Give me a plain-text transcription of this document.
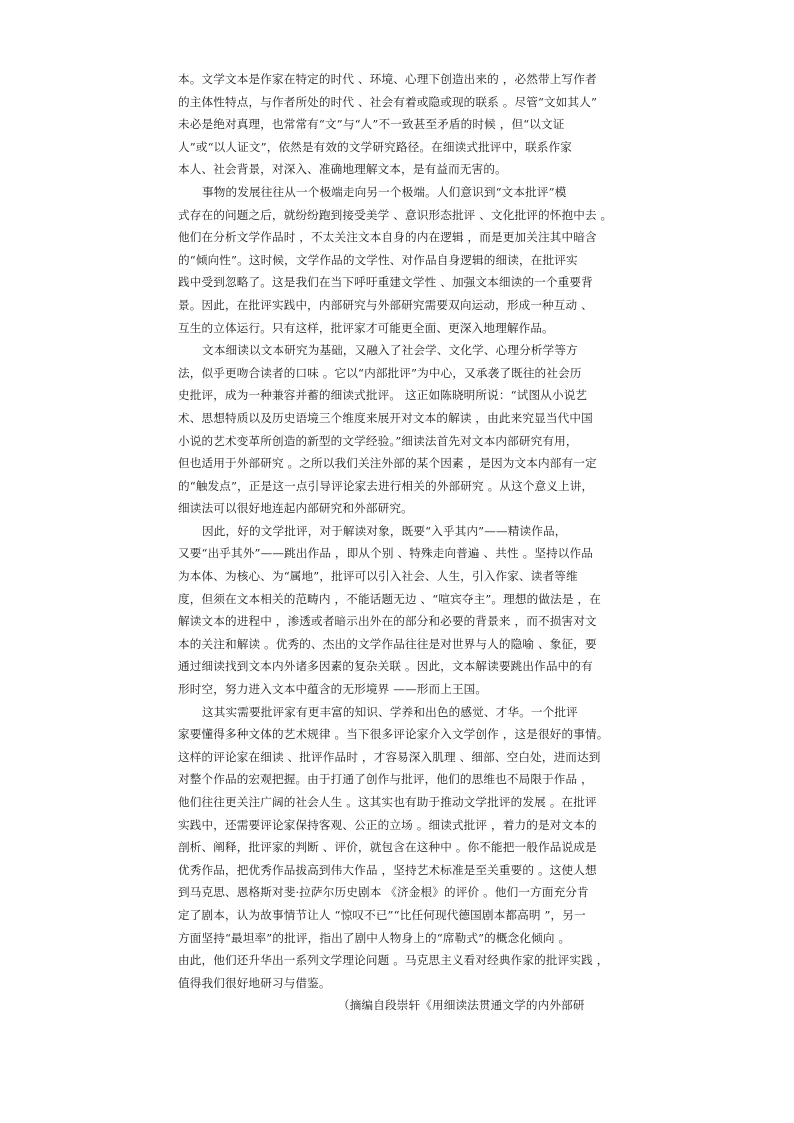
本。文学文本是作家在特定的时代 、环境、心理下创造出来的 ，必然带上写作者
的主体性特点，与作者所处的时代 、社会有着或隐或现的联系 。尽管“文如其人”
未必是绝对真理，也常常有“文”与“人”不一致甚至矛盾的时候 ，但“以文证
人”或“以人证文”，依然是有效的文学研究路径。在细读式批评中，联系作家
本人、社会背景，对深入、准确地理解文本，是有益而无害的。
事物的发展往往从一个极端走向另一个极端。人们意识到“文本批评”模
式存在的问题之后，就纷纷跑到接受美学 、意识形态批评 、文化批评的怀抱中去 。
他们在分析文学作品时 ，不太关注文本自身的内在逻辑 ，而是更加关注其中暗含
的“倾向性”。这时候，文学作品的文学性、对作品自身逻辑的细读，在批评实
践中受到忽略了。这是我们在当下呼吁重建文学性 、加强文本细读的一个重要背
景。因此，在批评实践中，内部研究与外部研究需要双向运动，形成一种互动 、
互生的立体运行。只有这样，批评家才可能更全面、更深入地理解作品。
文本细读以文本研究为基础，又融入了社会学、文化学、心理分析学等方
法，似乎更吻合读者的口味 。它以“内部批评”为中心，又承袭了既往的社会历
史批评，成为一种兼容并蓄的细读式批评。 这正如陈晓明所说：“试图从小说艺
术、思想特质以及历史语境三个维度来展开对文本的解读 ，由此来究显当代中国
小说的艺术变革所创造的新型的文学经验。”细读法首先对文本内部研究有用，
但也适用于外部研究 。之所以我们关注外部的某个因素 ，是因为文本内部有一定
的“触发点”，正是这一点引导评论家去进行相关的外部研究 。从这个意义上讲，
细读法可以很好地连起内部研究和外部研究。
因此，好的文学批评，对于解读对象，既要“入乎其内”——精读作品，
又要“出乎其外”——跳出作品 ，即从个别 、特殊走向普遍 、共性 。坚持以作品
为本体、为核心、为“属地”，批评可以引入社会、人生，引入作家、读者等维
度，但须在文本相关的范畴内 ，不能话题无边 、“喧宾夺主”。理想的做法是 ，在
解读文本的进程中 ，渗透或者暗示出外在的部分和必要的背景来 ，而不损害对文
本的关注和解读 。优秀的、杰出的文学作品往往是对世界与人的隐喻 、象征，要
通过细读找到文本内外诸多因素的复杂关联 。因此，文本解读要跳出作品中的有
形时空，努力进入文本中蕴含的无形境界 ——形而上王国。
这其实需要批评家有更丰富的知识、学养和出色的感觉、才华。一个批评
家要懂得多种文体的艺术规律 。当下很多评论家介入文学创作 ，这是很好的事情。
这样的评论家在细读 、批评作品时 ，才容易深入肌理 、细部、空白处，进而达到
对整个作品的宏观把握。由于打通了创作与批评，他们的思维也不局限于作品 ，
他们往往更关注广阔的社会人生 。这其实也有助于推动文学批评的发展 。在批评
实践中，还需要评论家保持客观、公正的立场 。细读式批评 ，着力的是对文本的
剖析、阐释，批评家的判断 、评价，就包含在这种中 。你不能把一般作品说成是
优秀作品，把优秀作品拔高到伟大作品 ，坚持艺术标准是至关重要的 。这使人想
到马克思、恩格斯对斐·拉萨尔历史剧本 《济金根》的评价 。他们一方面充分肯
定了剧本，认为故事情节让人 “惊叹不已”“比任何现代德国剧本都高明 ”，另一
方面坚持“最坦率”的批评，指出了剧中人物身上的“席勒式”的概念化倾向 。
由此，他们还升华出一系列文学理论问题 。马克思主义看对经典作家的批评实践 ，
值得我们很好地研习与借鉴。
（摘编自段崇轩《用细读法贯通文学的内外部研
